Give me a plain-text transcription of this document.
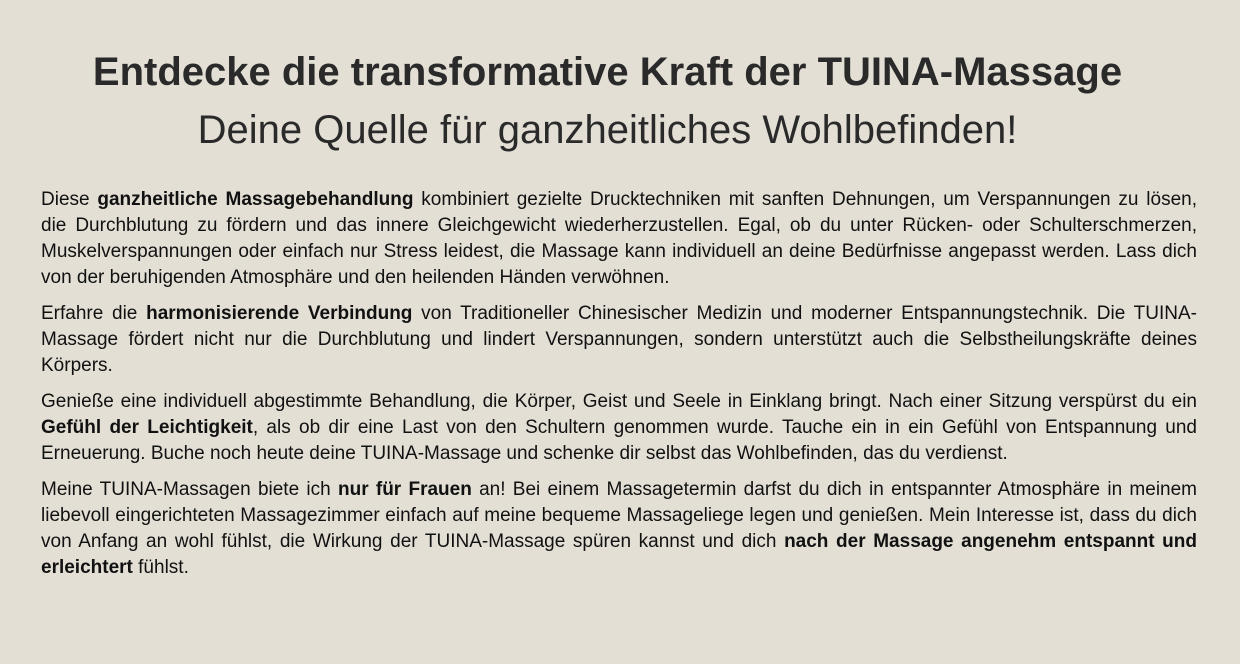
Entdecke die transformative Kraft der TUINA-Massage
Deine Quelle für ganzheitliches Wohlbefinden!

Diese ganzheitliche Massagebehandlung kombiniert gezielte Drucktechniken mit sanften Dehnungen, um Verspannungen zu lösen, die Durchblutung zu fördern und das innere Gleichgewicht wiederherzustellen. Egal, ob du unter Rücken- oder Schulterschmerzen, Muskelverspannungen oder einfach nur Stress leidest, die Massage kann individuell an deine Bedürfnisse angepasst werden. Lass dich von der beruhigenden Atmosphäre und den heilenden Händen verwöhnen.

Erfahre die harmonisierende Verbindung von Traditioneller Chinesischer Medizin und moderner Entspannungstechnik. Die TUINA-Massage fördert nicht nur die Durchblutung und lindert Verspannungen, sondern unterstützt auch die Selbstheilungskräfte deines Körpers.

Genieße eine individuell abgestimmte Behandlung, die Körper, Geist und Seele in Einklang bringt. Nach einer Sitzung verspürst du ein Gefühl der Leichtigkeit, als ob dir eine Last von den Schultern genommen wurde. Tauche ein in ein Gefühl von Entspannung und Erneuerung. Buche noch heute deine TUINA-Massage und schenke dir selbst das Wohlbefinden, das du verdienst.

Meine TUINA-Massagen biete ich nur für Frauen an! Bei einem Massagetermin darfst du dich in entspannter Atmosphäre in meinem liebevoll eingerichteten Massagezimmer einfach auf meine bequeme Massageliege legen und genießen. Mein Interesse ist, dass du dich von Anfang an wohl fühlst, die Wirkung der TUINA-Massage spüren kannst und dich nach der Massage angenehm entspannt und erleichtert fühlst.
